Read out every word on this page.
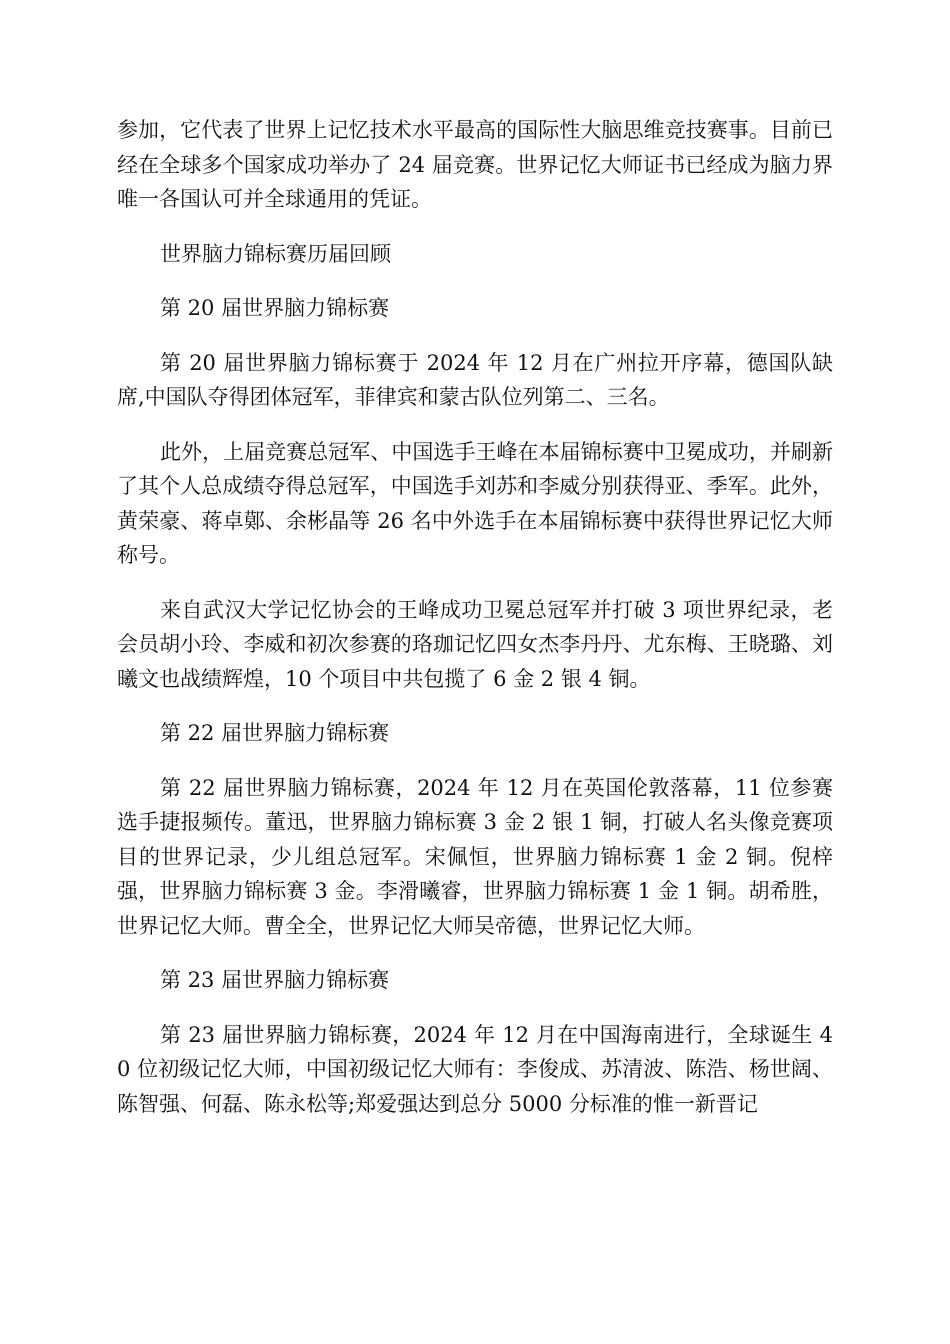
参加，它代表了世界上记忆技术水平最高的国际性大脑思维竞技赛事。目前已经在全球多个国家成功举办了 24 届竞赛。世界记忆大师证书已经成为脑力界唯一各国认可并全球通用的凭证。

世界脑力锦标赛历届回顾

第 20 届世界脑力锦标赛

第 20 届世界脑力锦标赛于 2024 年 12 月在广州拉开序幕，德国队缺席,中国队夺得团体冠军，菲律宾和蒙古队位列第二、三名。

此外，上届竞赛总冠军、中国选手王峰在本届锦标赛中卫冕成功，并刷新了其个人总成绩夺得总冠军，中国选手刘苏和李威分别获得亚、季军。此外，黄荣豪、蒋卓鄚、余彬晶等 26 名中外选手在本届锦标赛中获得世界记忆大师称号。

来自武汉大学记忆协会的王峰成功卫冕总冠军并打破 3 项世界纪录，老会员胡小玲、李威和初次参赛的珞珈记忆四女杰李丹丹、尤东梅、王晓璐、刘曦文也战绩辉煌，10 个项目中共包揽了 6 金 2 银 4 铜。

第 22 届世界脑力锦标赛

第 22 届世界脑力锦标赛，2024 年 12 月在英国伦敦落幕，11 位参赛选手捷报频传。董迅，世界脑力锦标赛 3 金 2 银 1 铜，打破人名头像竞赛项目的世界记录，少儿组总冠军。宋佩恒，世界脑力锦标赛 1 金 2 铜。倪梓强，世界脑力锦标赛 3 金。李滑曦睿，世界脑力锦标赛 1 金 1 铜。胡希胜，世界记忆大师。曹全全，世界记忆大师吴帝德，世界记忆大师。

第 23 届世界脑力锦标赛

第 23 届世界脑力锦标赛，2024 年 12 月在中国海南进行，全球诞生 40 位初级记忆大师，中国初级记忆大师有：李俊成、苏清波、陈浩、杨世阔、陈智强、何磊、陈永松等;郑爱强达到总分 5000 分标准的惟一新晋记
